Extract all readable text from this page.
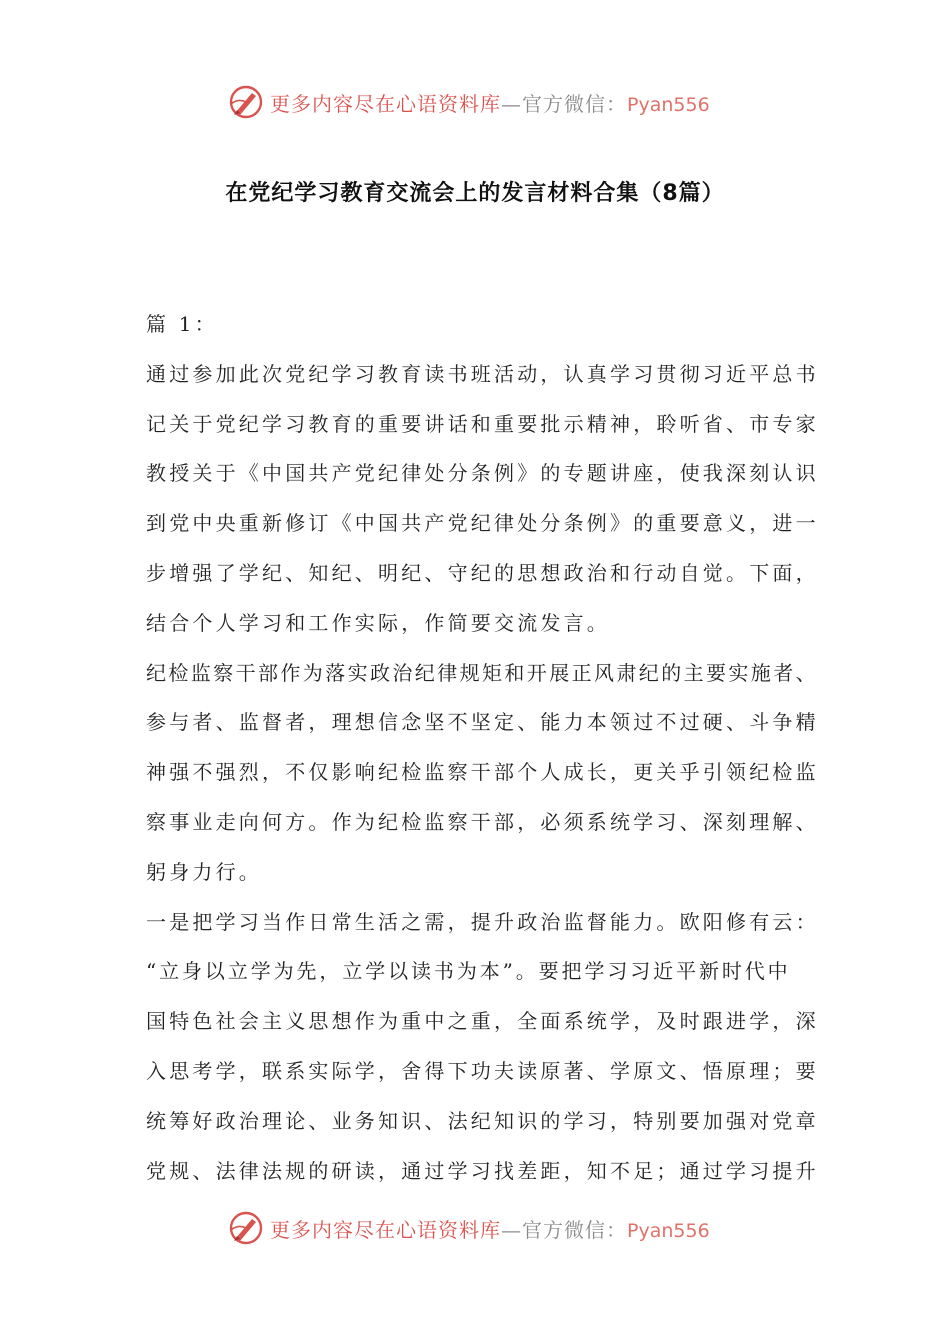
更多内容尽在心语资料库—官方微信：Pyan556
在党纪学习教育交流会上的发言材料合集（8篇）
篇 1：
通过参加此次党纪学习教育读书班活动，认真学习贯彻习近平总书
记关于党纪学习教育的重要讲话和重要批示精神，聆听省、市专家
教授关于《中国共产党纪律处分条例》的专题讲座，使我深刻认识
到党中央重新修订《中国共产党纪律处分条例》的重要意义，进一
步增强了学纪、知纪、明纪、守纪的思想政治和行动自觉。下面，
结合个人学习和工作实际，作简要交流发言。
纪检监察干部作为落实政治纪律规矩和开展正风肃纪的主要实施者、
参与者、监督者，理想信念坚不坚定、能力本领过不过硬、斗争精
神强不强烈，不仅影响纪检监察干部个人成长，更关乎引领纪检监
察事业走向何方。作为纪检监察干部，必须系统学习、深刻理解、
躬身力行。
一是把学习当作日常生活之需，提升政治监督能力。欧阳修有云：
“立身以立学为先，立学以读书为本”。要把学习习近平新时代中
国特色社会主义思想作为重中之重，全面系统学，及时跟进学，深
入思考学，联系实际学，舍得下功夫读原著、学原文、悟原理；要
统筹好政治理论、业务知识、法纪知识的学习，特别要加强对党章
党规、法律法规的研读，通过学习找差距，知不足；通过学习提升
更多内容尽在心语资料库—官方微信：Pyan556
